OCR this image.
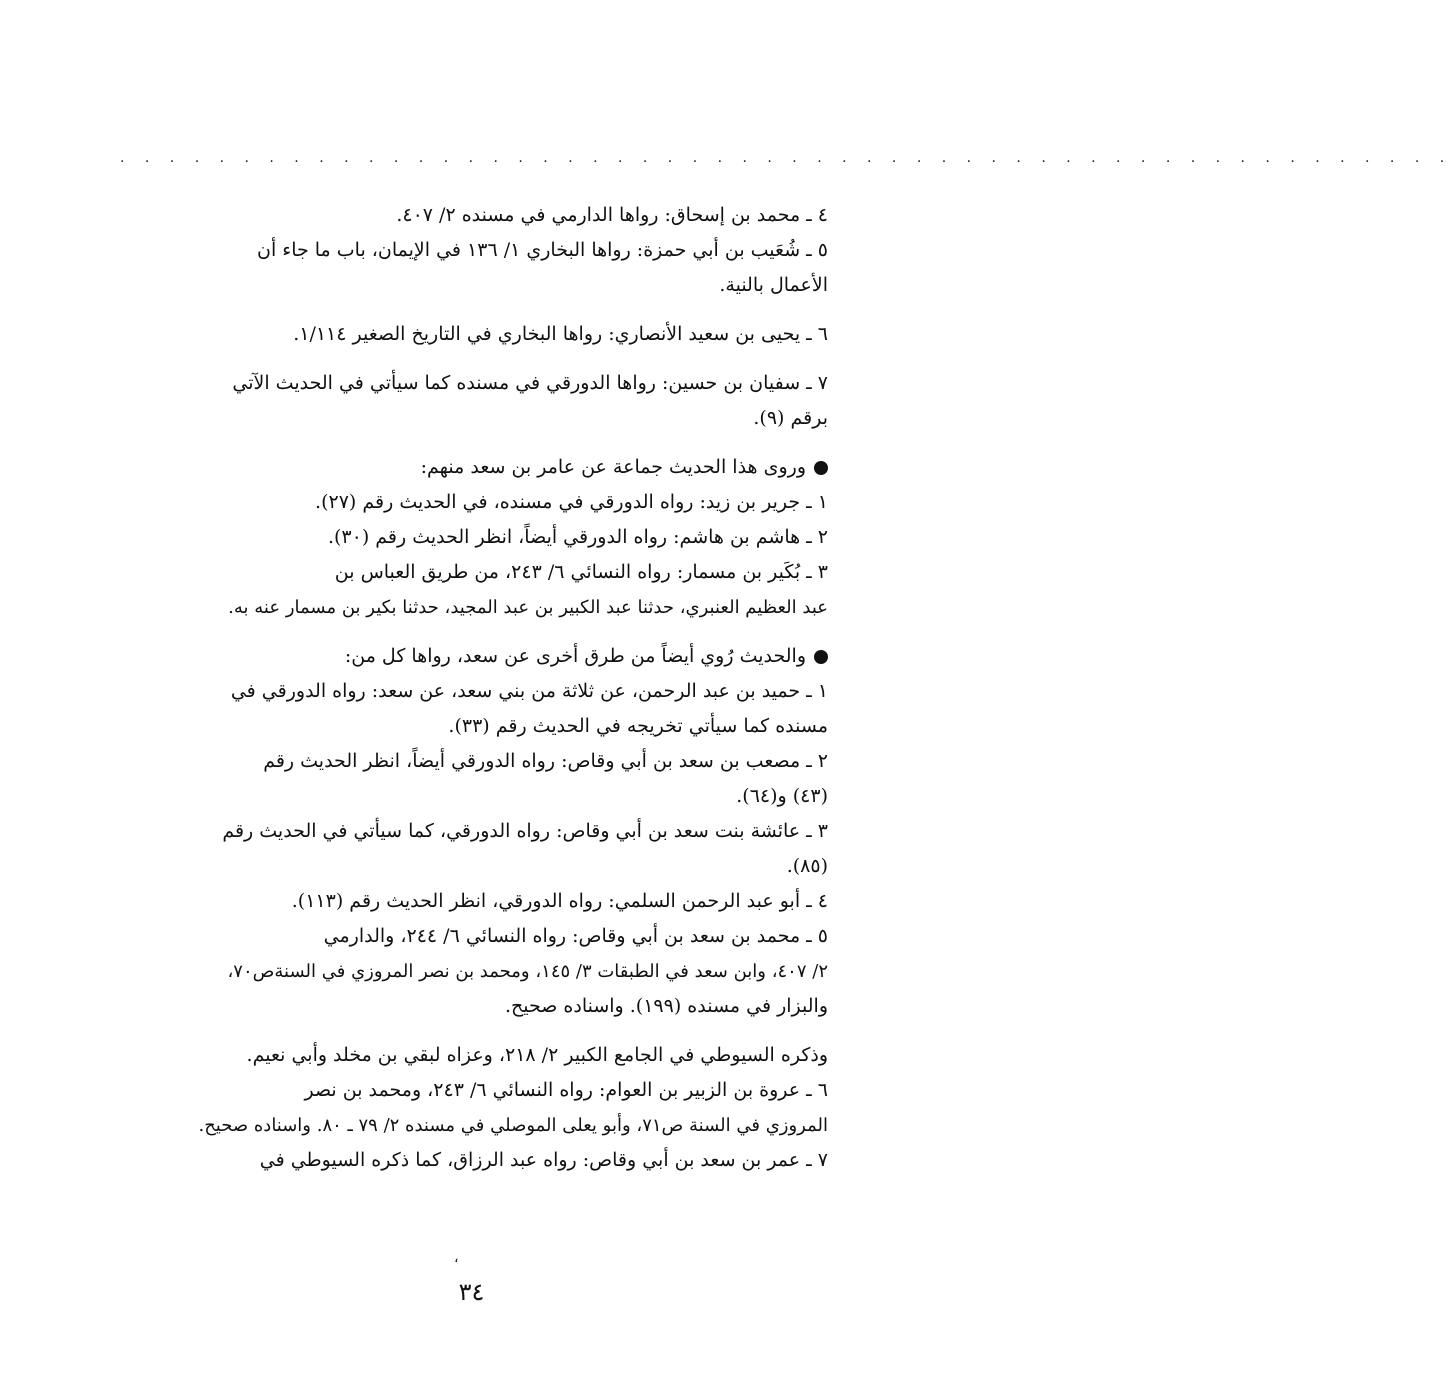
. . . . . . . . . . . . . . . . . . . . . . . . . . . . . . . . . . . . . . . . . . . . . . . . . . . . . .
٤ ـ محمد بن إسحاق: رواها الدارمي في مسنده ٢/ ٤٠٧.
٥ ـ شُعَيب بن أبي حمزة: رواها البخاري ١/ ١٣٦ في الإيمان، باب ما جاء أن
الأعمال بالنية.
٦ ـ يحيى بن سعيد الأنصاري: رواها البخاري في التاريخ الصغير ١/١١٤.
٧ ـ سفيان بن حسين: رواها الدورقي في مسنده كما سيأتي في الحديث الآتي
برقم (٩).
وروى هذا الحديث جماعة عن عامر بن سعد منهم:
١ ـ جرير بن زيد: رواه الدورقي في مسنده، في الحديث رقم (٢٧).
٢ ـ هاشم بن هاشم: رواه الدورقي أيضاً، انظر الحديث رقم (٣٠).
٣ ـ بُكَير بن مسمار: رواه النسائي ٦/ ٢٤٣، من طريق العباس بن
عبد العظيم العنبري، حدثنا عبد الكبير بن عبد المجيد، حدثنا بكير بن مسمار عنه به.
والحديث رُوي أيضاً من طرق أخرى عن سعد، رواها كل من:
١ ـ حميد بن عبد الرحمن، عن ثلاثة من بني سعد، عن سعد: رواه الدورقي في
مسنده كما سيأتي تخريجه في الحديث رقم (٣٣).
٢ ـ مصعب بن سعد بن أبي وقاص: رواه الدورقي أيضاً، انظر الحديث رقم
(٤٣) و(٦٤).
٣ ـ عائشة بنت سعد بن أبي وقاص: رواه الدورقي، كما سيأتي في الحديث رقم
(٨٥).
٤ ـ أبو عبد الرحمن السلمي: رواه الدورقي، انظر الحديث رقم (١١٣).
٥ ـ محمد بن سعد بن أبي وقاص: رواه النسائي ٦/ ٢٤٤، والدارمي
٢/ ٤٠٧، وابن سعد في الطبقات ٣/ ١٤٥، ومحمد بن نصر المروزي في السنةص٧٠،
والبزار في مسنده (١٩٩). واسناده صحيح.
وذكره السيوطي في الجامع الكبير ٢/ ٢١٨، وعزاه لبقي بن مخلد وأبي نعيم.
٦ ـ عروة بن الزبير بن العوام: رواه النسائي ٦/ ٢٤٣، ومحمد بن نصر
المروزي في السنة ص٧١، وأبو يعلى الموصلي في مسنده ٢/ ٧٩ ـ ٨٠. واسناده صحيح.
٧ ـ عمر بن سعد بن أبي وقاص: رواه عبد الرزاق، كما ذكره السيوطي في
،
٣٤
